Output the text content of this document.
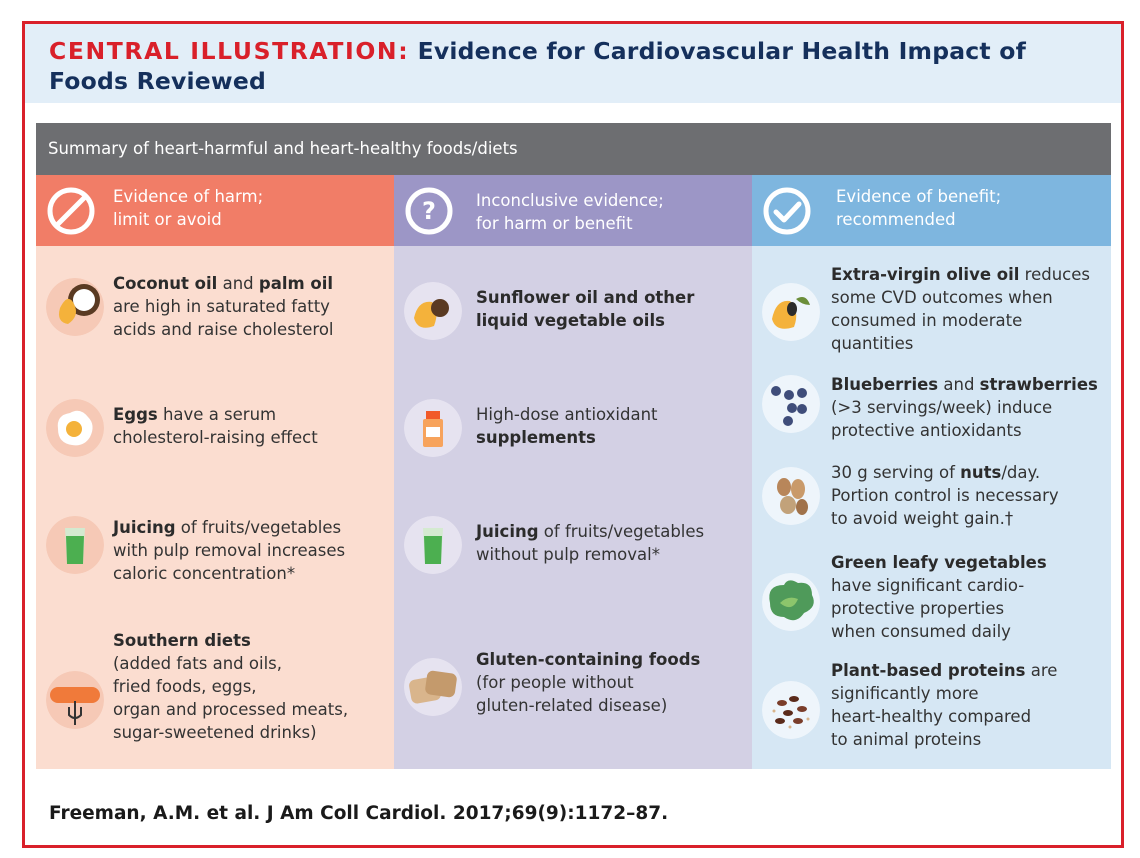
CENTRAL ILLUSTRATION: Evidence for Cardiovascular Health Impact of
Foods Reviewed
Summary of heart-harmful and heart-healthy foods/diets
Evidence of harm;
limit or avoid
Coconut oil and palm oil
are high in saturated fatty
acids and raise cholesterol
Eggs have a serum
cholesterol-raising effect
Juicing of fruits/vegetables
with pulp removal increases
caloric concentration*
Southern diets
(added fats and oils,
fried foods, eggs,
organ and processed meats,
sugar-sweetened drinks)
? Inconclusive evidence;
for harm or benefit
Sunflower oil and other
liquid vegetable oils
High-dose antioxidant
supplements
Juicing of fruits/vegetables
without pulp removal*
Gluten-containing foods
(for people without
gluten-related disease)
Evidence of benefit;
recommended
Extra-virgin olive oil reduces
some CVD outcomes when
consumed in moderate
quantities
Blueberries and strawberries
(>3 servings/week) induce
protective antioxidants
30 g serving of nuts/day.
Portion control is necessary
to avoid weight gain.†
Green leafy vegetables
have significant cardio-
protective properties
when consumed daily
Plant-based proteins are
significantly more
heart-healthy compared
to animal proteins
Freeman, A.M. et al. J Am Coll Cardiol. 2017;69(9):1172–87.
